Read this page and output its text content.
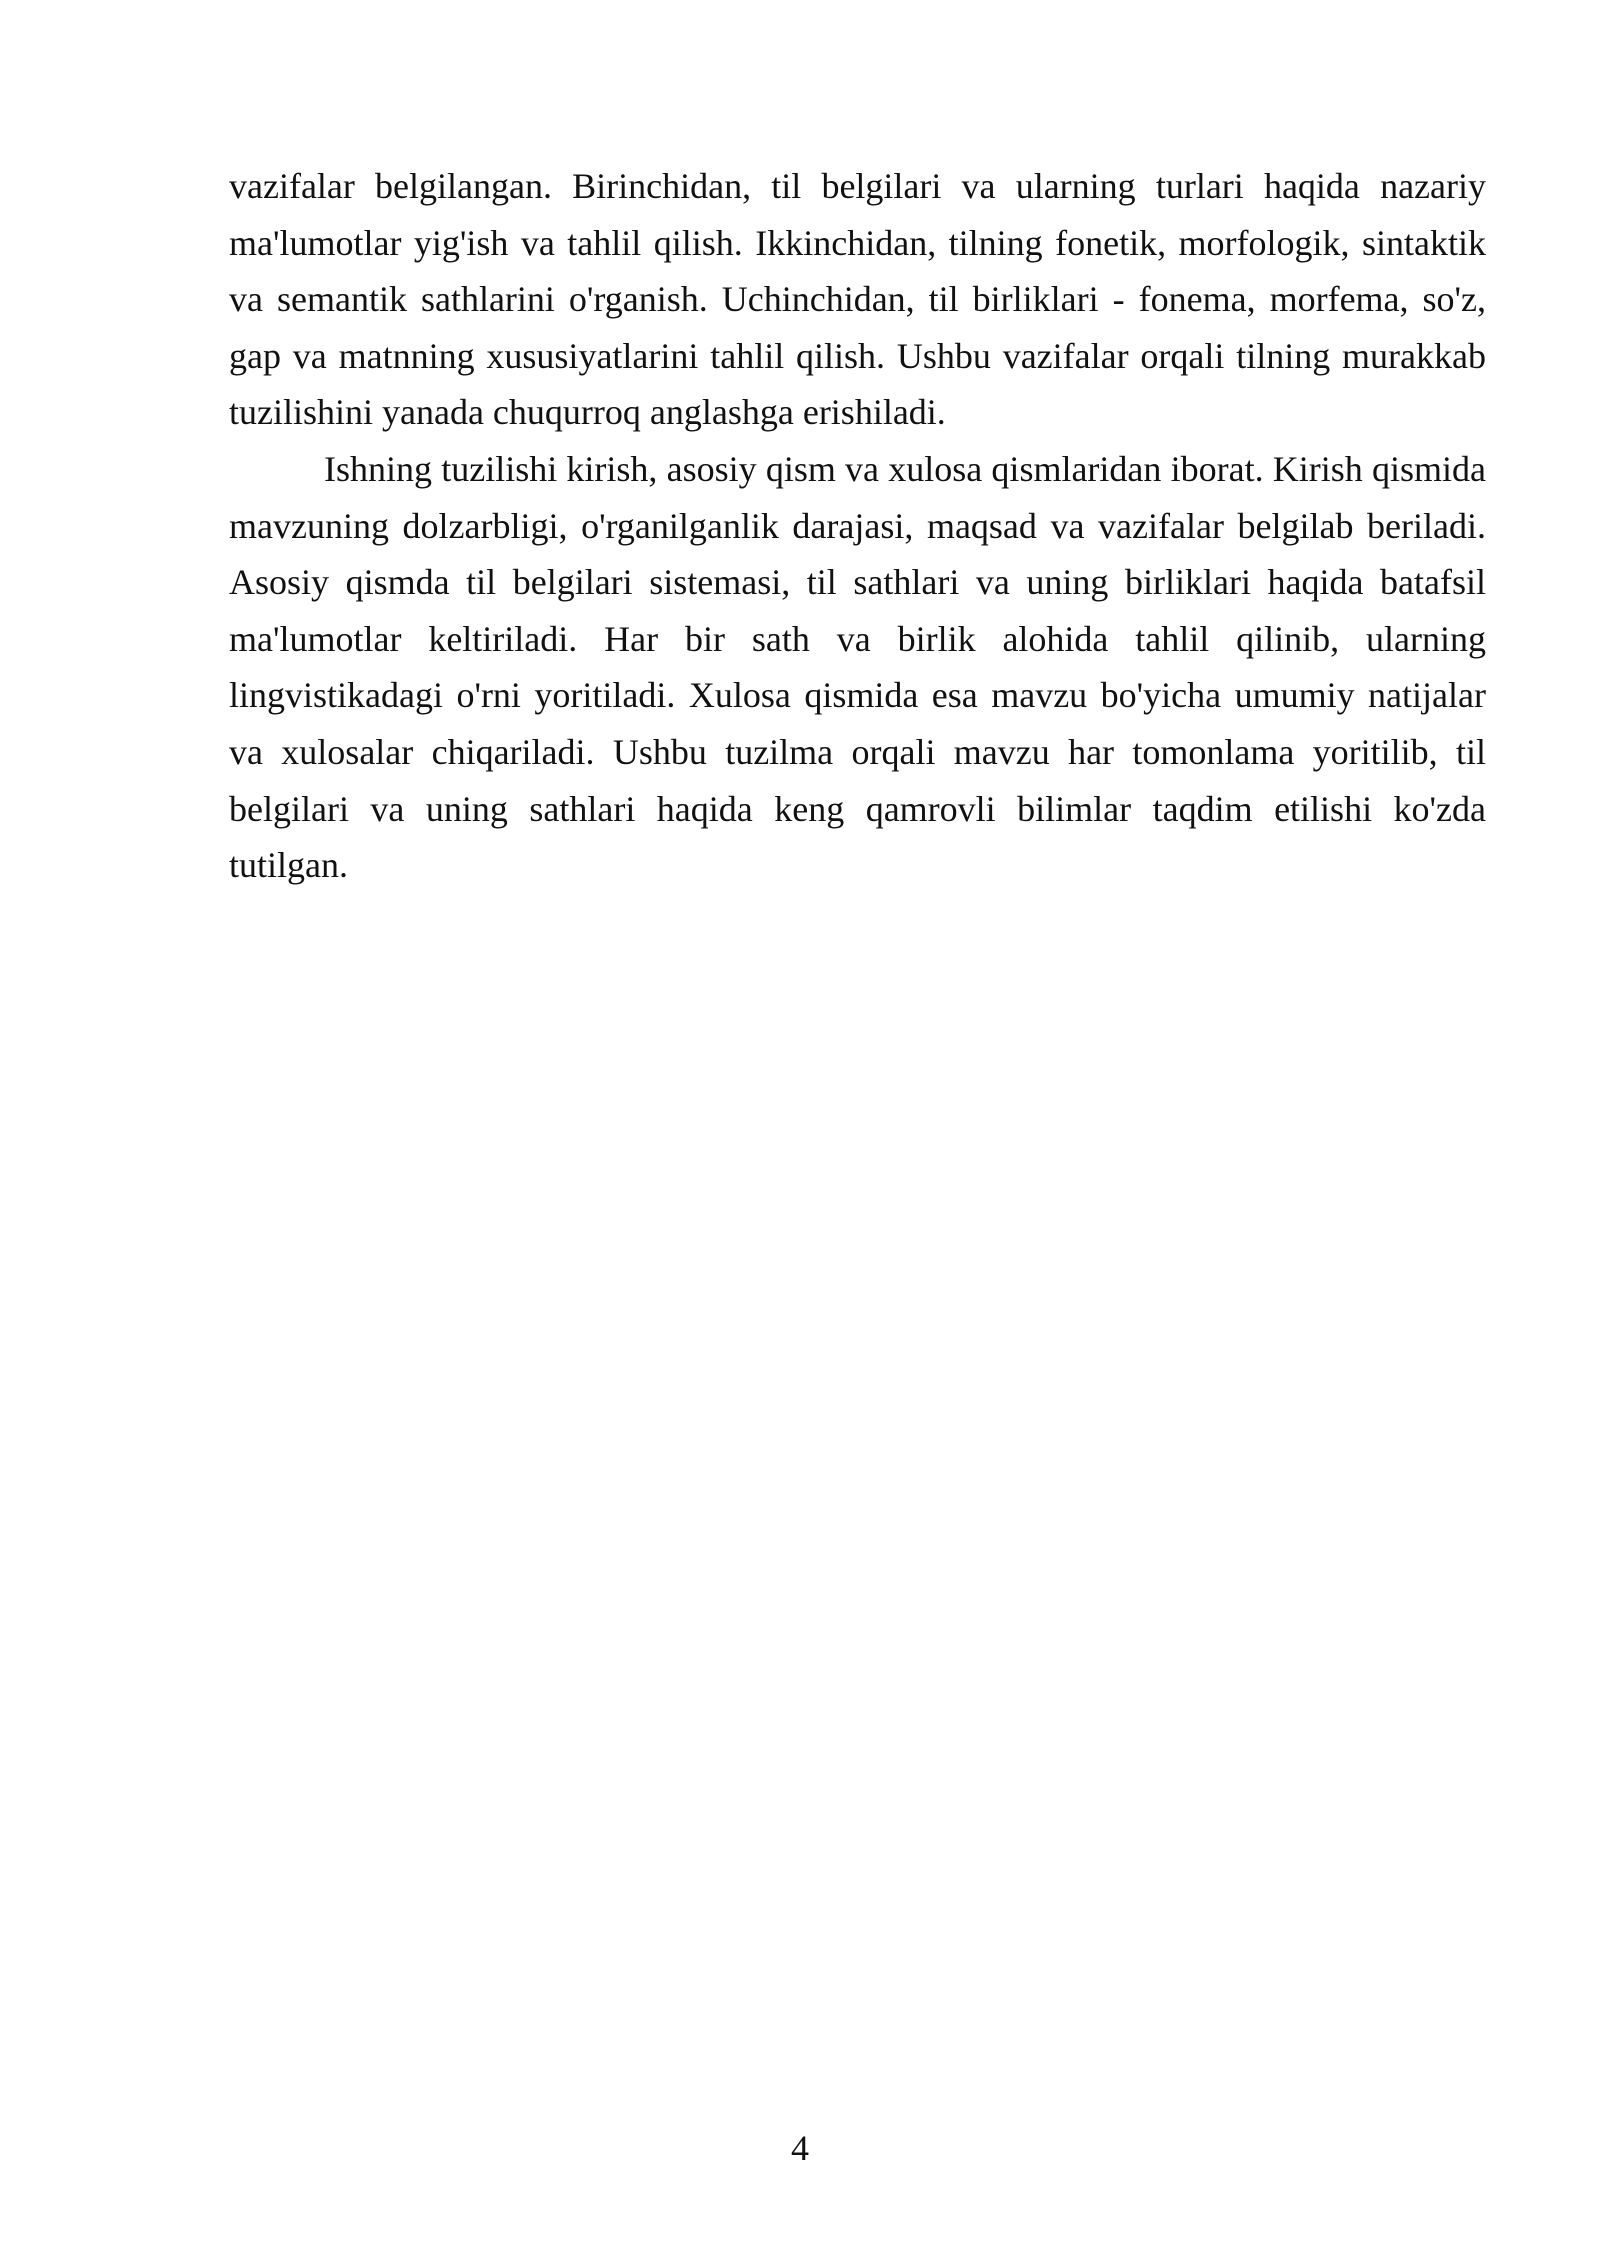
vazifalar belgilangan. Birinchidan, til belgilari va ularning turlari haqida nazariy ma'lumotlar yig'ish va tahlil qilish. Ikkinchidan, tilning fonetik, morfologik, sintaktik va semantik sathlarini o'rganish. Uchinchidan, til birliklari - fonema, morfema, so'z, gap va matnning xususiyatlarini tahlil qilish. Ushbu vazifalar orqali tilning murakkab tuzilishini yanada chuqurroq anglashga erishiladi.

Ishning tuzilishi kirish, asosiy qism va xulosa qismlaridan iborat. Kirish qismida mavzuning dolzarbligi, o'rganilganlik darajasi, maqsad va vazifalar belgilab beriladi. Asosiy qismda til belgilari sistemasi, til sathlari va uning birliklari haqida batafsil ma'lumotlar keltiriladi. Har bir sath va birlik alohida tahlil qilinib, ularning lingvistikadagi o'rni yoritiladi. Xulosa qismida esa mavzu bo'yicha umumiy natijalar va xulosalar chiqariladi. Ushbu tuzilma orqali mavzu har tomonlama yoritilib, til belgilari va uning sathlari haqida keng qamrovli bilimlar taqdim etilishi ko'zda tutilgan.

4
